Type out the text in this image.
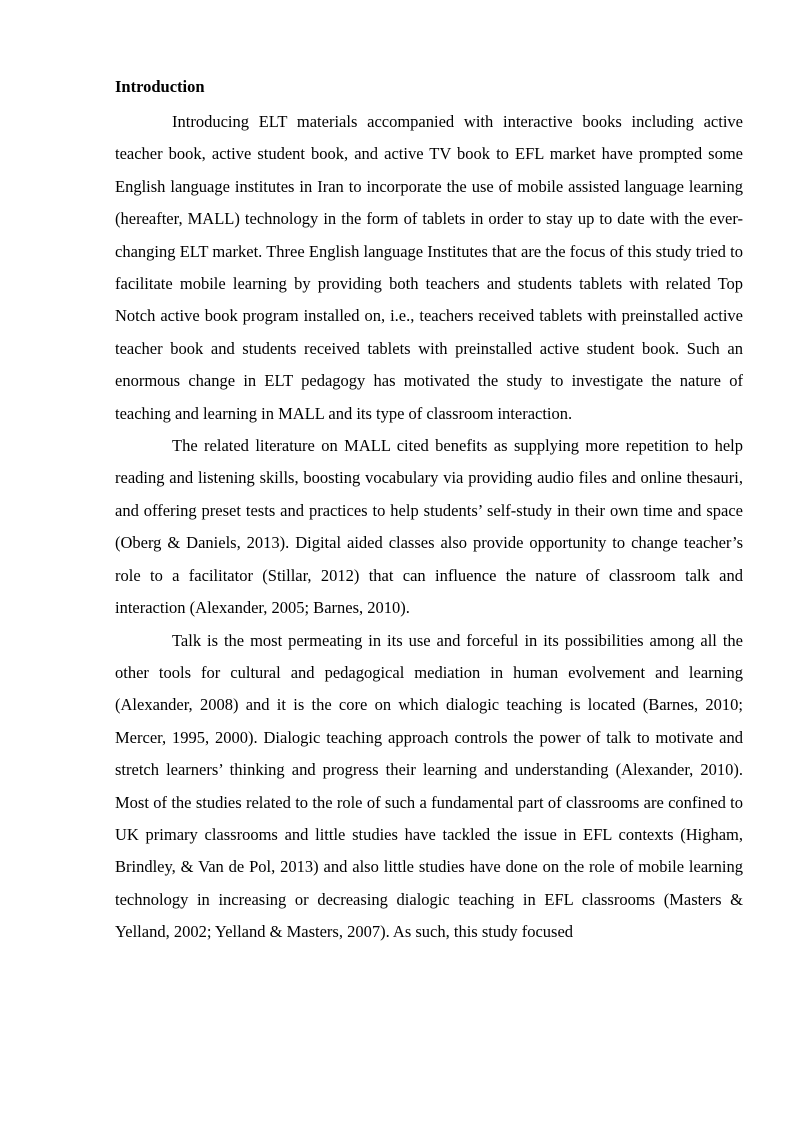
Introduction

Introducing ELT materials accompanied with interactive books including active teacher book, active student book, and active TV book to EFL market have prompted some English language institutes in Iran to incorporate the use of mobile assisted language learning (hereafter, MALL) technology in the form of tablets in order to stay up to date with the ever-changing ELT market. Three English language Institutes that are the focus of this study tried to facilitate mobile learning by providing both teachers and students tablets with related Top Notch active book program installed on, i.e., teachers received tablets with preinstalled active teacher book and students received tablets with preinstalled active student book. Such an enormous change in ELT pedagogy has motivated the study to investigate the nature of teaching and learning in MALL and its type of classroom interaction.

The related literature on MALL cited benefits as supplying more repetition to help reading and listening skills, boosting vocabulary via providing audio files and online thesauri, and offering preset tests and practices to help students’ self-study in their own time and space (Oberg & Daniels, 2013). Digital aided classes also provide opportunity to change teacher’s role to a facilitator (Stillar, 2012) that can influence the nature of classroom talk and interaction (Alexander, 2005; Barnes, 2010).

Talk is the most permeating in its use and forceful in its possibilities among all the other tools for cultural and pedagogical mediation in human evolvement and learning (Alexander, 2008) and it is the core on which dialogic teaching is located (Barnes, 2010; Mercer, 1995, 2000). Dialogic teaching approach controls the power of talk to motivate and stretch learners’ thinking and progress their learning and understanding (Alexander, 2010). Most of the studies related to the role of such a fundamental part of classrooms are confined to UK primary classrooms and little studies have tackled the issue in EFL contexts (Higham, Brindley, & Van de Pol, 2013) and also little studies have done on the role of mobile learning technology in increasing or decreasing dialogic teaching in EFL classrooms (Masters & Yelland, 2002; Yelland & Masters, 2007). As such, this study focused
